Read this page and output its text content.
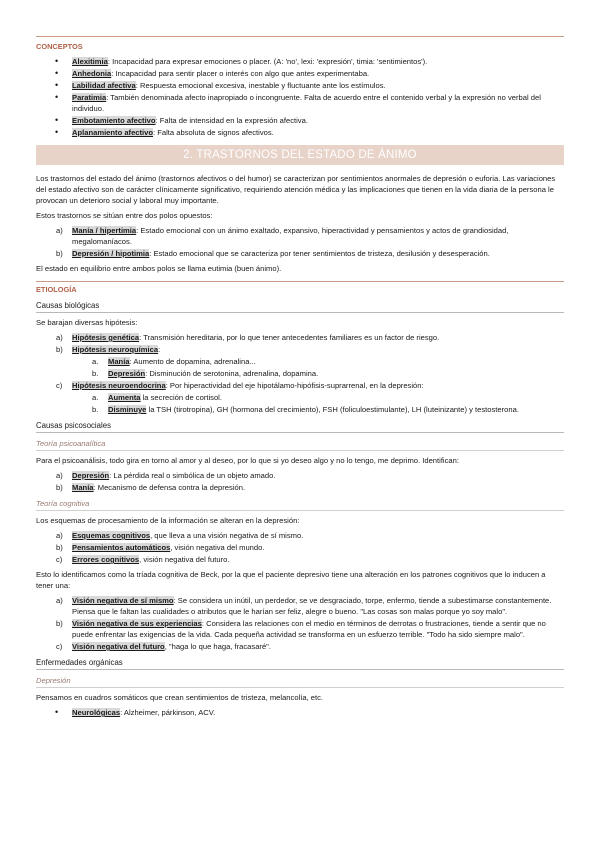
CONCEPTOS
• Alexitimia: Incapacidad para expresar emociones o placer. (A: 'no', lexi: 'expresión', timia: 'sentimientos').
• Anhedonia: Incapacidad para sentir placer o interés con algo que antes experimentaba.
• Labilidad afectiva: Respuesta emocional excesiva, inestable y fluctuante ante los estímulos.
• Paratimia: También denominada afecto inapropiado o incongruente. Falta de acuerdo entre el contenido verbal y la expresión no verbal del individuo.
• Embotamiento afectivo: Falta de intensidad en la expresión afectiva.
• Aplanamiento afectivo: Falta absoluta de signos afectivos.
2. TRASTORNOS DEL ESTADO DE ÁNIMO

Los trastornos del estado del ánimo (trastornos afectivos o del humor) se caracterizan por sentimientos anormales de depresión o euforia. Las variaciones del estado afectivo son de carácter clínicamente significativo, requiriendo atención médica y las implicaciones que tienen en la vida diaria de la persona le provocan un deterioro social y laboral muy importante.

Estos trastornos se sitúan entre dos polos opuestos:

a) Manía / hipertimia: Estado emocional con un ánimo exaltado, expansivo, hiperactividad y pensamientos y actos de grandiosidad, megalomaníacos.
b) Depresión / hipotimia: Estado emocional que se caracteriza por tener sentimientos de tristeza, desilusión y desesperación.

El estado en equilibrio entre ambos polos se llama eutimia (buen ánimo).

ETIOLOGÍA
Causas biológicas

Se barajan diversas hipótesis:

a) Hipótesis genética: Transmisión hereditaria, por lo que tener antecedentes familiares es un factor de riesgo.
b) Hipótesis neuroquímica:
a. Manía: Aumento de dopamina, adrenalina...
b. Depresión: Disminución de serotonina, adrenalina, dopamina.
c) Hipótesis neuroendocrina: Por hiperactividad del eje hipotálamo-hipófisis-suprarrenal, en la depresión:
a. Aumenta la secreción de cortisol.
b. Disminuye la TSH (tirotropina), GH (hormona del crecimiento), FSH (foliculoestimulante), LH (luteinizante) y testosterona.
Causas psicosociales
Teoría psicoanalítica

Para el psicoanálisis, todo gira en torno al amor y al deseo, por lo que si yo deseo algo y no lo tengo, me deprimo. Identifican:

a) Depresión: La pérdida real o simbólica de un objeto amado.
b) Manía: Mecanismo de defensa contra la depresión.
Teoría cognitiva

Los esquemas de procesamiento de la información se alteran en la depresión:

a) Esquemas cognitivos, que lleva a una visión negativa de sí mismo.
b) Pensamientos automáticos, visión negativa del mundo.
c) Errores cognitivos, visión negativa del futuro.

Esto lo identificamos como la tríada cognitiva de Beck, por la que el paciente depresivo tiene una alteración en los patrones cognitivos que lo inducen a tener una:

a) Visión negativa de sí mismo: Se considera un inútil, un perdedor, se ve desgraciado, torpe, enfermo, tiende a subestimarse constantemente. Piensa que le faltan las cualidades o atributos que le harían ser feliz, alegre o bueno. "Las cosas son malas porque yo soy malo".
b) Visión negativa de sus experiencias: Considera las relaciones con el medio en términos de derrotas o frustraciones, tiende a sentir que no puede enfrentar las exigencias de la vida. Cada pequeña actividad se transforma en un esfuerzo terrible. "Todo ha sido siempre malo".
c) Visión negativa del futuro, "haga lo que haga, fracasaré".
Enfermedades orgánicas
Depresión

Pensamos en cuadros somáticos que crean sentimientos de tristeza, melancolía, etc.

• Neurológicas: Alzheimer, párkinson, ACV.
